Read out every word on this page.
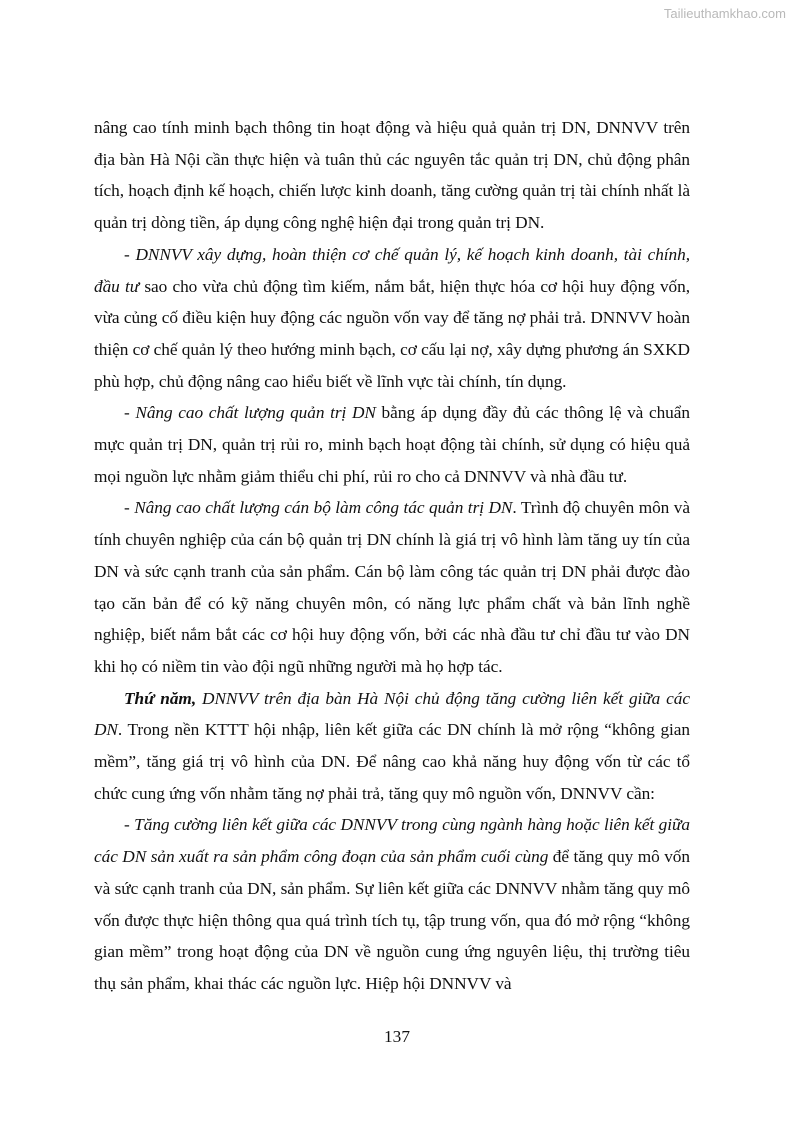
Tailieuthamkhao.com

nâng cao tính minh bạch thông tin hoạt động và hiệu quả quản trị DN, DNNVV trên địa bàn Hà Nội cần thực hiện và tuân thủ các nguyên tắc quản trị DN, chủ động phân tích, hoạch định kế hoạch, chiến lược kinh doanh, tăng cường quản trị tài chính nhất là quản trị dòng tiền, áp dụng công nghệ hiện đại trong quản trị DN.

- DNNVV xây dựng, hoàn thiện cơ chế quản lý, kế hoạch kinh doanh, tài chính, đầu tư sao cho vừa chủ động tìm kiếm, nắm bắt, hiện thực hóa cơ hội huy động vốn, vừa củng cố điều kiện huy động các nguồn vốn vay để tăng nợ phải trả. DNNVV hoàn thiện cơ chế quản lý theo hướng minh bạch, cơ cấu lại nợ, xây dựng phương án SXKD phù hợp, chủ động nâng cao hiểu biết về lĩnh vực tài chính, tín dụng.

- Nâng cao chất lượng quản trị DN bằng áp dụng đầy đủ các thông lệ và chuẩn mực quản trị DN, quản trị rủi ro, minh bạch hoạt động tài chính, sử dụng có hiệu quả mọi nguồn lực nhằm giảm thiểu chi phí, rủi ro cho cả DNNVV và nhà đầu tư.

- Nâng cao chất lượng cán bộ làm công tác quản trị DN. Trình độ chuyên môn và tính chuyên nghiệp của cán bộ quản trị DN chính là giá trị vô hình làm tăng uy tín của DN và sức cạnh tranh của sản phẩm. Cán bộ làm công tác quản trị DN phải được đào tạo căn bản để có kỹ năng chuyên môn, có năng lực phẩm chất và bản lĩnh nghề nghiệp, biết nắm bắt các cơ hội huy động vốn, bởi các nhà đầu tư chỉ đầu tư vào DN khi họ có niềm tin vào đội ngũ những người mà họ hợp tác.

Thứ năm, DNNVV trên địa bàn Hà Nội chủ động tăng cường liên kết giữa các DN. Trong nền KTTT hội nhập, liên kết giữa các DN chính là mở rộng “không gian mềm”, tăng giá trị vô hình của DN. Để nâng cao khả năng huy động vốn từ các tổ chức cung ứng vốn nhằm tăng nợ phải trả, tăng quy mô nguồn vốn, DNNVV cần:

- Tăng cường liên kết giữa các DNNVV trong cùng ngành hàng hoặc liên kết giữa các DN sản xuất ra sản phẩm công đoạn của sản phẩm cuối cùng để tăng quy mô vốn và sức cạnh tranh của DN, sản phẩm. Sự liên kết giữa các DNNVV nhằm tăng quy mô vốn được thực hiện thông qua quá trình tích tụ, tập trung vốn, qua đó mở rộng “không gian mềm” trong hoạt động của DN về nguồn cung ứng nguyên liệu, thị trường tiêu thụ sản phẩm, khai thác các nguồn lực. Hiệp hội DNNVV và

137
